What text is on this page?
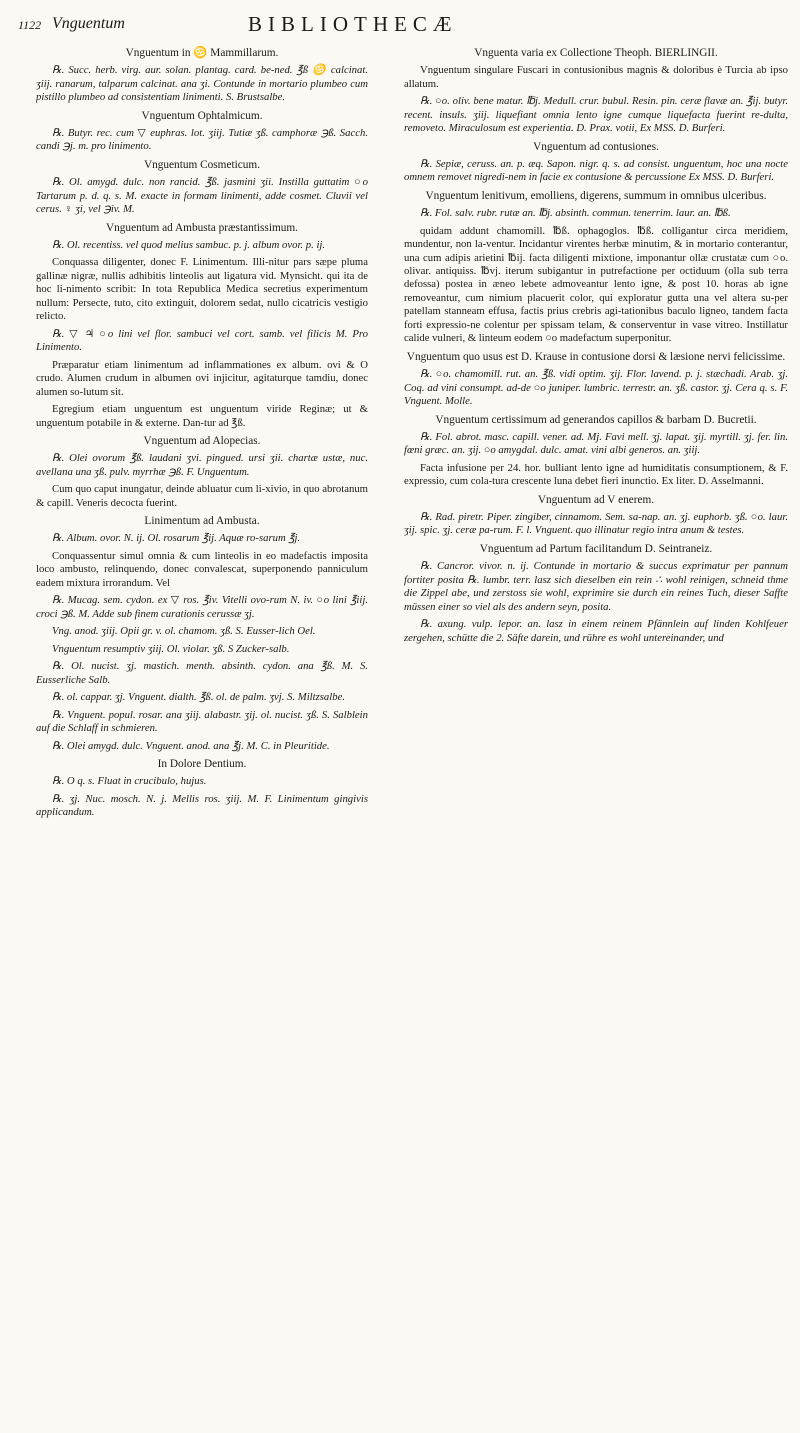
1122 Vnguentum	BIBLIOTHECÆ
Vnguentum in ♋ Mammillarum.
℞. Succ. herb. virg. aur. solan. plantag. card. be-ned. ℥ß ♋ calcinat. ʒiij. ranarum, talparum calcinat. ana ʒi. Contunde in mortario plumbeo cum pistillo plumbeo ad consistentiam linimenti. S. Brustsalbe.
Vnguentum Ophtalmicum.
℞. Butyr. rec. cum ▽ euphras. lot. ʒiij. Tutiæ ʒß. camphoræ ℈ß. Sacch. candi ℈j. m. pro linimento.
Vnguentum Cosmeticum.
℞. Ol. amygd. dulc. non rancid. ℥ß. jasmini ʒii. Instilla guttatim ○o Tartarum p. d. q. s. M. exacte in formam linimenti, adde cosmet. Cluvii vel cerus. ♀ ʒi, vel ℈iv. M.
Vnguentum ad Ambusta præstantissimum.
℞. Ol. recentiss. vel quod melius sambuc. p. j. album ovor. p. ij.
Conquassa diligenter, donec F. Linimentum. Illi-nitur pars sæpe pluma gallinæ nigræ, nullis adhibitis linteolis aut ligatura vid. Mynsicht. qui ita de hoc li-nimento scribit: In tota Republica Medica secretius experimentum nullum: Persecte, tuto, cito extinguit, dolorem sedat, nullo cicatricis vestigio relicto.
℞. ▽ ♃ ○o lini vel flor. sambuci vel cort. samb. vel filicis M. Pro Linimento.
Præparatur etiam linimentum ad inflammationes ex album. ovi & O crudo. Alumen crudum in albumen ovi injicitur, agitaturque tamdiu, donec alumen so-lutum sit.
Egregium etiam unguentum est unguentum viride Reginæ; ut & unguentum potabile in & externe. Dan-tur ad ℥ß.
Vnguentum ad Alopecias.
℞. Olei ovorum ℥ß. laudani ʒvi. pingued. ursi ʒii. chartæ ustæ, nuc. avellana una ʒß. pulv. myrrhæ ℈ß. F. Unguentum.
Cum quo caput inungatur, deinde abluatur cum li-xivio, in quo abrotanum & capill. Veneris decocta fuerint.
Linimentum ad Ambusta.
℞. Album. ovor. N. ij. Ol. rosarum ℥ij. Aquæ ro-sarum ℥j.
Conquassentur simul omnia & cum linteolis in eo madefactis imposita loco ambusto, relinquendo, donec convalescat, superponendo panniculum eadem mixtura irrorandum. Vel
℞. Mucag. sem. cydon. ex ▽ ros. ℥iv. Vitelli ovo-rum N. iv. ○o lini ℥iij. croci ℈ß. M. Adde sub finem curationis cerussæ ʒj.
Vng. anod. ʒiij. Opii gr. v. ol. chamom. ʒß. S. Eusser-lich Oel.
Vnguentum resumptiv ʒiij. Ol. violar. ʒß. S Zucker-salb.
℞. Ol. nucist. ʒj. mastich. menth. absinth. cydon. ana ℥ß. M. S. Eusserliche Salb.
℞. ol. cappar. ʒj. Vnguent. dialth. ℥ß. ol. de palm. ʒvj. S. Miltzsalbe.
℞. Vnguent. popul. rosar. ana ʒiij. alabastr. ʒij. ol. nucist. ʒß. S. Salblein auf die Schlaff in schmieren.
℞. Olei amygd. dulc. Vnguent. anod. ana ℥j. M. C. in Pleuritide.
In Dolore Dentium.
℞. O q. s. Fluat in crucibulo, hujus.
℞. ʒj. Nuc. mosch. N. j. Mellis ros. ʒiij. M. F. Linimentum gingivis applicandum.
Vnguenta varia ex Collectione Theoph. BIERLINGII.
Vnguentum singulare Fuscari in contusionibus magnis & doloribus è Turcia ab ipso allatum.
℞. ○o. oliv. bene matur. ℔j. Medull. crur. bubul. Resin. pin. ceræ flavæ an. ℥ij. butyr. recent. insuls. ʒiij. liquefiant omnia lento igne cumque liquefacta fuerint re-dulta, removeto. Miraculosum est experientia. D. Prax. votii, Ex MSS. D. Burferi.
Vnguentum ad contusiones.
℞. Sepiæ, ceruss. an. p. æq. Sapon. nigr. q. s. ad consist. unguentum, hoc una nocte omnem removet nigredi-nem in facie ex contusione & percussione Ex MSS. D. Burferi.
Vnguentum lenitivum, emolliens, digerens, summum in omnibus ulceribus.
℞. Fol. salv. rubr. rutæ an. ℔j. absinth. commun. tenerrim. laur. an. ℔ß.
quidam addunt chamomill. ℔ß. ophagoglos. ℔ß. colligantur circa meridiem, mundentur, non la-ventur. Incidantur virentes herbæ minutim, & in mortario conterantur, una cum adipis arietini ℔ij. facta diligenti mixtione, imponantur ollæ crustatæ cum ○o. olivar. antiquiss. ℔vj. iterum subigantur in putrefactione per octiduum (olla sub terra defossa) postea in æneo lebete admoveantur lento igne, & post 10. horas ab igne removeantur, cum nimium placuerit color, qui exploratur gutta una vel altera su-per patellam stanneam effusa, factis prius crebris agi-tationibus baculo ligneo, tandem facta forti expressio-ne colentur per spissam telam, & conserventur in vase vitreo. Instillatur calide vulneri, & linteum eodem ○o madefactum superponitur.
Vnguentum quo usus est D. Krause in contusione dorsi & læsione nervi felicissime.
℞. ○o. chamomill. rut. an. ℥ß. vidi optim. ʒij. Flor. lavend. p. j. stæchadi. Arab. ʒj. Coq. ad vini consumpt. ad-de ○o juniper. lumbric. terrestr. an. ʒß. castor. ʒj. Cera q. s. F. Vnguent. Molle.
Vnguentum certissimum ad generandos capillos & barbam D. Bucretii.
℞. Fol. abrot. masc. capill. vener. ad. Mj. Favi mell. ʒj. lapat. ʒij. myrtill. ʒj. fer. lin. fœni græc. an. ʒij. ○o amygdal. dulc. amat. vini albi generos. an. ʒiij.
Facta infusione per 24. hor. bulliant lento igne ad humiditatis consumptionem, & F. expressio, cum cola-tura crescente luna debet fieri inunctio. Ex liter. D. Asselmanni.
Vnguentum ad V enerem.
℞. Rad. piretr. Piper. zingiber, cinnamom. Sem. sa-nap. an. ʒj. euphorb. ʒß. ○o. laur. ʒij. spic. ʒj. ceræ pa-rum. F. l. Vnguent. quo illinatur regio intra anum & testes.
Vnguentum ad Partum facilitandum D. Seintraneiz.
℞. Cancror. vivor. n. ij. Contunde in mortario & succus exprimatur per pannum fortiter posita ℞. lumbr. terr. lasz sich dieselben ein rein ∴ wohl reinigen, schneid thme die Zippel abe, und zerstoss sie wohl, exprimire sie durch ein reines Tuch, dieser Saffte müssen einer so viel als des andern seyn, posita.
℞. axung. vulp. lepor. an. lasz in einem reinem Pfännlein auf linden Kohlfeuer zergehen, schütte die 2. Säfte darein, und rühre es wohl untereinander, und
